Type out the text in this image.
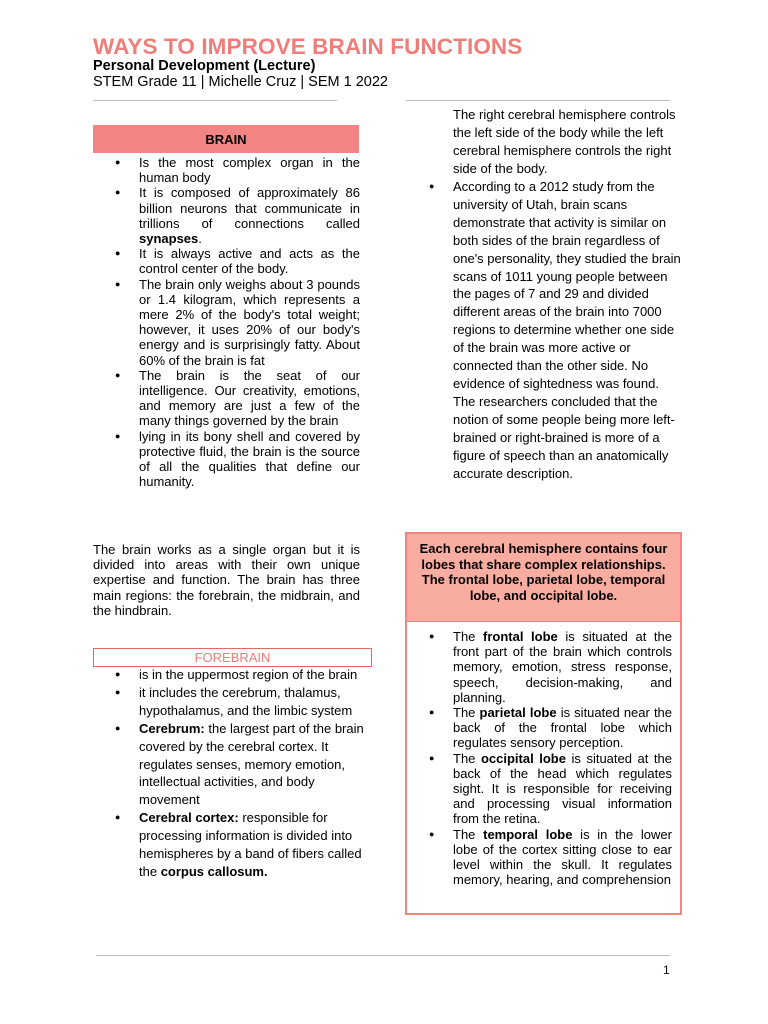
WAYS TO IMPROVE BRAIN FUNCTIONS
Personal Development (Lecture)
STEM Grade 11 | Michelle Cruz | SEM 1 2022
BRAIN
● Is the most complex organ in the human body
● It is composed of approximately 86 billion neurons that communicate in trillions of connections called synapses.
● It is always active and acts as the control center of the body.
● The brain only weighs about 3 pounds or 1.4 kilogram, which represents a mere 2% of the body's total weight; however, it uses 20% of our body's energy and is surprisingly fatty. About 60% of the brain is fat
● The brain is the seat of our intelligence. Our creativity, emotions, and memory are just a few of the many things governed by the brain
● lying in its bony shell and covered by protective fluid, the brain is the source of all the qualities that define our humanity.

The brain works as a single organ but it is divided into areas with their own unique expertise and function. The brain has three main regions: the forebrain, the midbrain, and the hindbrain.

FOREBRAIN
● is in the uppermost region of the brain
● it includes the cerebrum, thalamus, hypothalamus, and the limbic system
● Cerebrum: the largest part of the brain covered by the cerebral cortex. It regulates senses, memory emotion, intellectual activities, and body movement
● Cerebral cortex: responsible for processing information is divided into hemispheres by a band of fibers called the corpus callosum.

The right cerebral hemisphere controls the left side of the body while the left cerebral hemisphere controls the right side of the body.

● According to a 2012 study from the university of Utah, brain scans demonstrate that activity is similar on both sides of the brain regardless of one's personality, they studied the brain scans of 1011 young people between the pages of 7 and 29 and divided different areas of the brain into 7000 regions to determine whether one side of the brain was more active or connected than the other side. No evidence of sightedness was found. The researchers concluded that the notion of some people being more left-brained or right-brained is more of a figure of speech than an anatomically accurate description.
Each cerebral hemisphere contains four lobes that share complex relationships. The frontal lobe, parietal lobe, temporal lobe, and occipital lobe.
● The frontal lobe is situated at the front part of the brain which controls memory, emotion, stress response, speech, decision-making, and planning.
● The parietal lobe is situated near the back of the frontal lobe which regulates sensory perception.
● The occipital lobe is situated at the back of the head which regulates sight. It is responsible for receiving and processing visual information from the retina.
● The temporal lobe is in the lower lobe of the cortex sitting close to ear level within the skull. It regulates memory, hearing, and comprehension
1
